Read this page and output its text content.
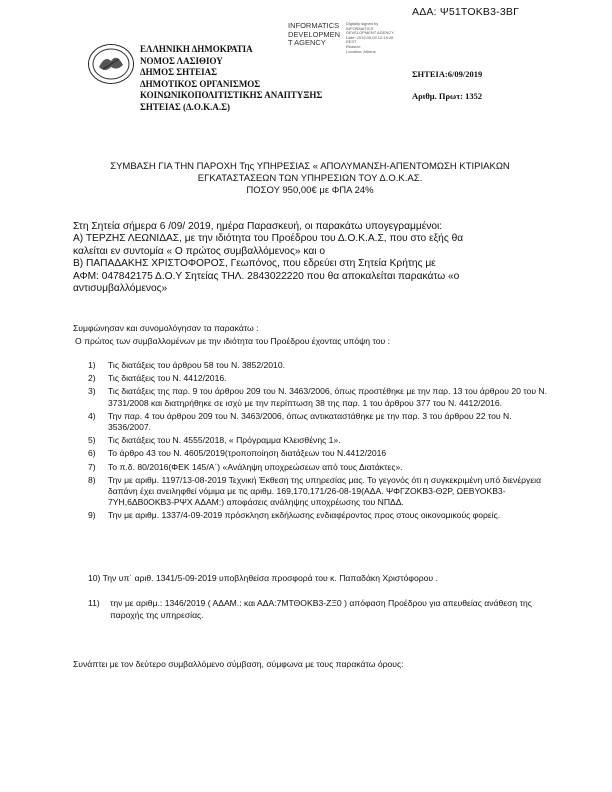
ΑΔΑ: Ψ51ΤΟΚΒ3-3ΒΓ
INFORMATICS
DEVELOPMEN
T AGENCY
Digitally signed by
INFORMATICS
DEVELOPMENT AGENCY
Date: 2019.09.09 12:19:26
EEST
Reason:
Location: Athens
ΕΛΛΗΝΙΚΗ ΔΗΜΟΚΡΑΤΙΑ
ΝΟΜΟΣ ΛΑΣΙΘΙΟΥ
ΔΗΜΟΣ ΣΗΤΕΙΑΣ
ΔΗΜΟΤΙΚΟΣ ΟΡΓΑΝΙΣΜΟΣ
ΚΟΙΝΩΝΙΚΟΠΟΛΙΤΙΣΤΙΚΗΣ ΑΝΑΠΤΥΞΗΣ
ΣΗΤΕΙΑΣ (Δ.Ο.Κ.Α.Σ)
ΣΗΤΕΙΑ:6/09/2019
Αριθμ. Πρωτ: 1352
ΣΥΜΒΑΣΗ ΓΙΑ ΤΗΝ ΠΑΡΟΧΗ Της ΥΠΗΡΕΣΙΑΣ « ΑΠΟΛΥΜΑΝΣΗ-ΑΠΕΝΤΟΜΩΣΗ ΚΤΙΡΙΑΚΩΝ
ΕΓΚΑΤΑΣΤΑΣΕΩΝ ΤΩΝ ΥΠΗΡΕΣΙΩΝ ΤΟΥ Δ.Ο.Κ.ΑΣ.
ΠΟΣΟΥ 950,00€ με ΦΠΑ 24%
Στη Σητεία σήμερα 6 /09/ 2019, ημέρα Παρασκευή, οι παρακάτω υπογεγραμμένοι:
Α) ΤΕΡΖΗΣ ΛΕΩΝΙΔΑΣ, με την ιδιότητα του Προέδρου του Δ.Ο.Κ.Α.Σ, που στο εξής θα
καλείται εν συντομία « Ο πρώτος συμβαλλόμενος» και ο
Β) ΠΑΠΑΔΑΚΗΣ ΧΡΙΣΤΟΦΟΡΟΣ, Γεωπόνος, που εδρεύει στη Σητεία Κρήτης με
ΑΦΜ: 047842175 Δ.Ο.Υ Σητείας ΤΗΛ. 2843022220 που θα αποκαλείται παρακάτω «ο
αντισυμβαλλόμενος»
Συμφώνησαν και συνομολόγησαν τα παρακάτω :
Ο πρώτος των συμβαλλομένων με την ιδιότητα του Προέδρου έχοντας υπόψη του :
1)	Τις διατάξεις του άρθρου 58 του Ν. 3852/2010.
2)	Τις διατάξεις του Ν. 4412/2016.
3)	Τις διατάξεις της παρ. 9 του άρθρου 209 του Ν. 3463/2006, όπως προστέθηκε με την παρ. 13 του άρθρου 20 του Ν. 3731/2008 και διατηρήθηκε σε ισχύ με την περίπτωση 38 της παρ. 1 του άρθρου 377 του Ν. 4412/2016.
4)	Την παρ. 4 του άρθρου 209 του Ν. 3463/2006, όπως αντικαταστάθηκε με την παρ. 3 του άρθρου 22 του Ν. 3536/2007.
5)	Τις διατάξεις του Ν. 4555/2018, « Πρόγραμμα Κλεισθένης 1».
6)	Το άρθρο 43 του Ν. 4605/2019(τροποποίηση διατάξεων του Ν.4412/2016
7)	Το π.δ. 80/2016(ΦΕΚ 145/Α΄) «Ανάληψη υποχρεώσεων από τους Διατάκτες».
8)	Την με αριθμ. 1197/13-08-2019 Τεχνική Έκθεση της υπηρεσίας μας. Το γεγονός ότι η συγκεκριμένη υπό διενέργεια δαπάνη έχει ανειληφθεί νόμιμα με τις αριθμ. 169,170,171/26-08-19(ΑΔΑ. ΨΦΓΖΟΚΒ3-Θ2Ρ, ΩΕΒΥΟΚΒ3-7ΥΗ,6ΔΒ0ΟΚΒ3-ΡΨΧ ΑΔΑΜ:) αποφάσεις ανάληψης υποχρέωσης του ΝΠΔΔ.
9)	Την με αριθμ. 1337/4-09-2019 πρόσκληση εκδήλωσης ενδιαφέροντος προς στους οικονομικούς φορείς.
10) Την υπ΄ αριθ. 1341/5-09-2019 υποβληθείσα προσφορά του κ. Παπαδάκη Χριστόφορου .
11)	την με αριθμ.: 1346/2019 ( ΑΔΑΜ.: και ΑΔΑ:7ΜΤΘΟΚΒ3-ΖΞ0 ) απόφαση Προέδρου για απευθείας ανάθεση της παροχής της υπηρεσίας.
Συνάπτει με τον δεύτερο συμβαλλόμενο σύμβαση, σύμφωνα με τους παρακάτω όρους:
